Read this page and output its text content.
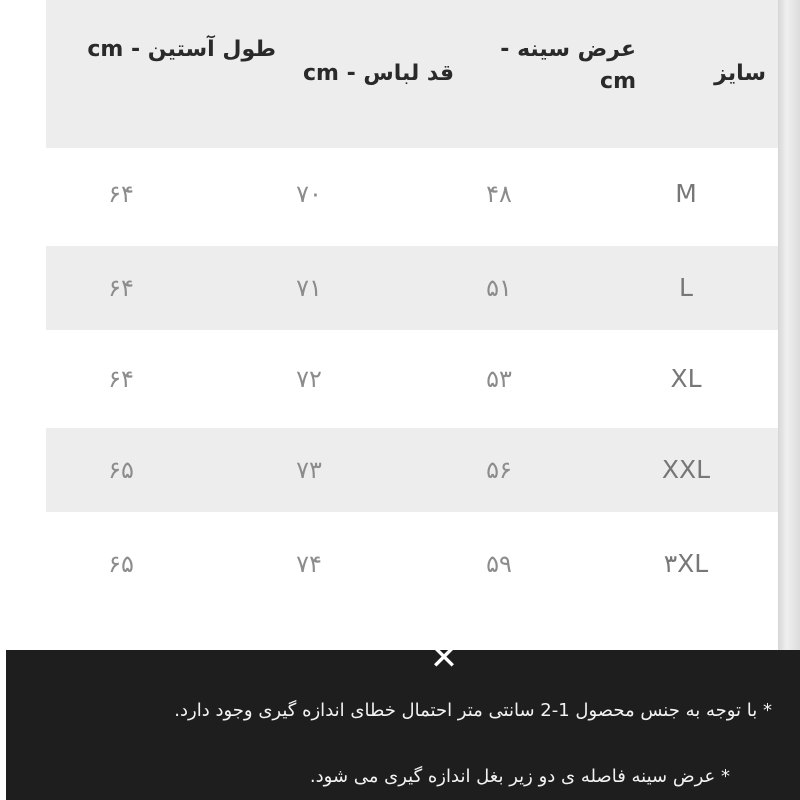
سایز
عرض سینه - cm
قد لباس - cm
طول آستین - cm
M
۴۸
۷۰
۶۴
L
۵۱
۷۱
۶۴
XL
۵۳
۷۲
۶۴
XXL
۵۶
۷۳
۶۵
۳XL
۵۹
۷۴
۶۵
✕
* با توجه به جنس محصول 1-2 سانتی متر احتمال خطای اندازه گیری وجود دارد.
* عرض سینه فاصله ی دو زیر بغل اندازه گیری می شود.
